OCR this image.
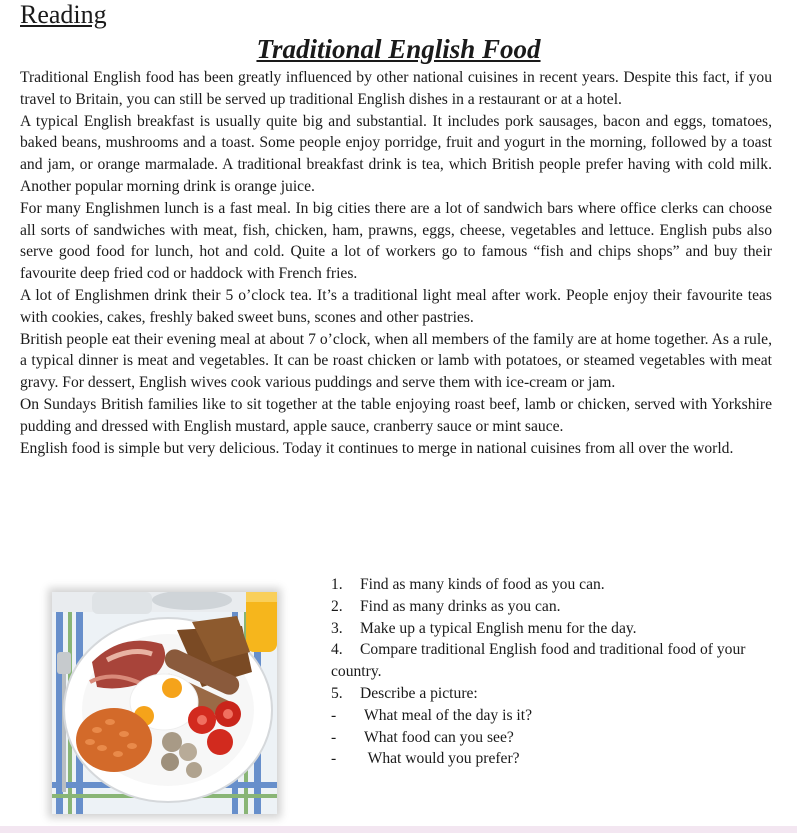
Reading
Traditional English Food

Traditional English food has been greatly influenced by other national cuisines in recent years. Despite this fact, if you travel to Britain, you can still be served up traditional English dishes in a restaurant or at a hotel.

A typical English breakfast is usually quite big and substantial. It includes pork sausages, bacon and eggs, tomatoes, baked beans, mushrooms and a toast. Some people enjoy porridge, fruit and yogurt in the morning, followed by a toast and jam, or orange marmalade. A traditional breakfast drink is tea, which British people prefer having with cold milk. Another popular morning drink is orange juice.

For many Englishmen lunch is a fast meal. In big cities there are a lot of sandwich bars where office clerks can choose all sorts of sandwiches with meat, fish, chicken, ham, prawns, eggs, cheese, vegetables and lettuce. English pubs also serve good food for lunch, hot and cold. Quite a lot of workers go to famous “fish and chips shops” and buy their favourite deep fried cod or haddock with French fries.

A lot of Englishmen drink their 5 o’clock tea. It’s a traditional light meal after work. People enjoy their favourite teas with cookies, cakes, freshly baked sweet buns, scones and other pastries.

British people eat their evening meal at about 7 o’clock, when all members of the family are at home together. As a rule, a typical dinner is meat and vegetables. It can be roast chicken or lamb with potatoes, or steamed vegetables with meat gravy. For dessert, English wives cook various puddings and serve them with ice-cream or jam.

On Sundays British families like to sit together at the table enjoying roast beef, lamb or chicken, served with Yorkshire pudding and dressed with English mustard, apple sauce, cranberry sauce or mint sauce.

English food is simple but very delicious. Today it continues to merge in national cuisines from all over the world.

1.	Find as many kinds of food as you can.
2.	Find as many drinks as you can.
3.	Make up a typical English menu for the day.
4. Compare traditional English food and traditional food of your country.
5.	Describe a picture:
-	What meal of the day is it?
-	What food can you see?
-	What would you prefer?
